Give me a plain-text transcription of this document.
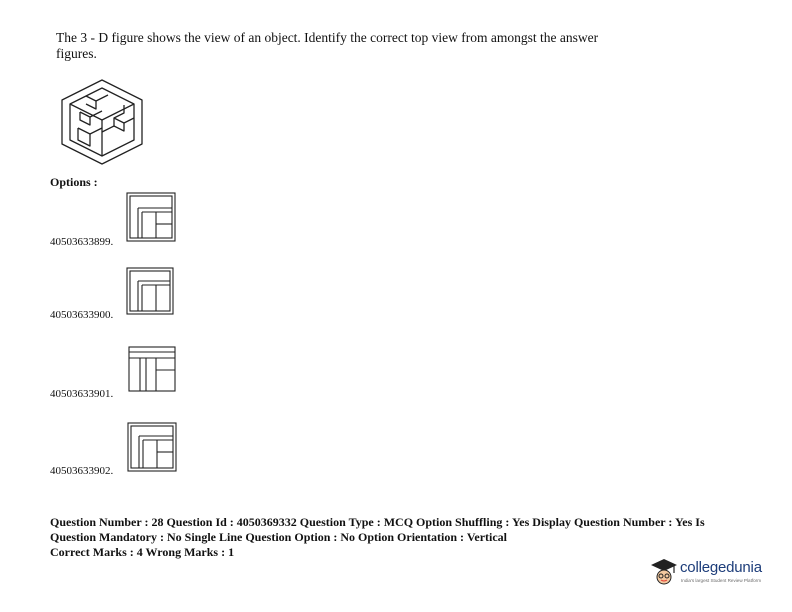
The 3 - D figure shows the view of an object. Identify the correct top view from amongst the answer figures.

Options :
40503633899.
40503633900.
40503633901.
40503633902.

Question Number : 28 Question Id : 4050369332 Question Type : MCQ Option Shuffling : Yes Display Question Number : Yes Is
Question Mandatory : No Single Line Question Option : No Option Orientation : Vertical
Correct Marks : 4 Wrong Marks : 1

collegedunia
India's largest Student Review Platform
